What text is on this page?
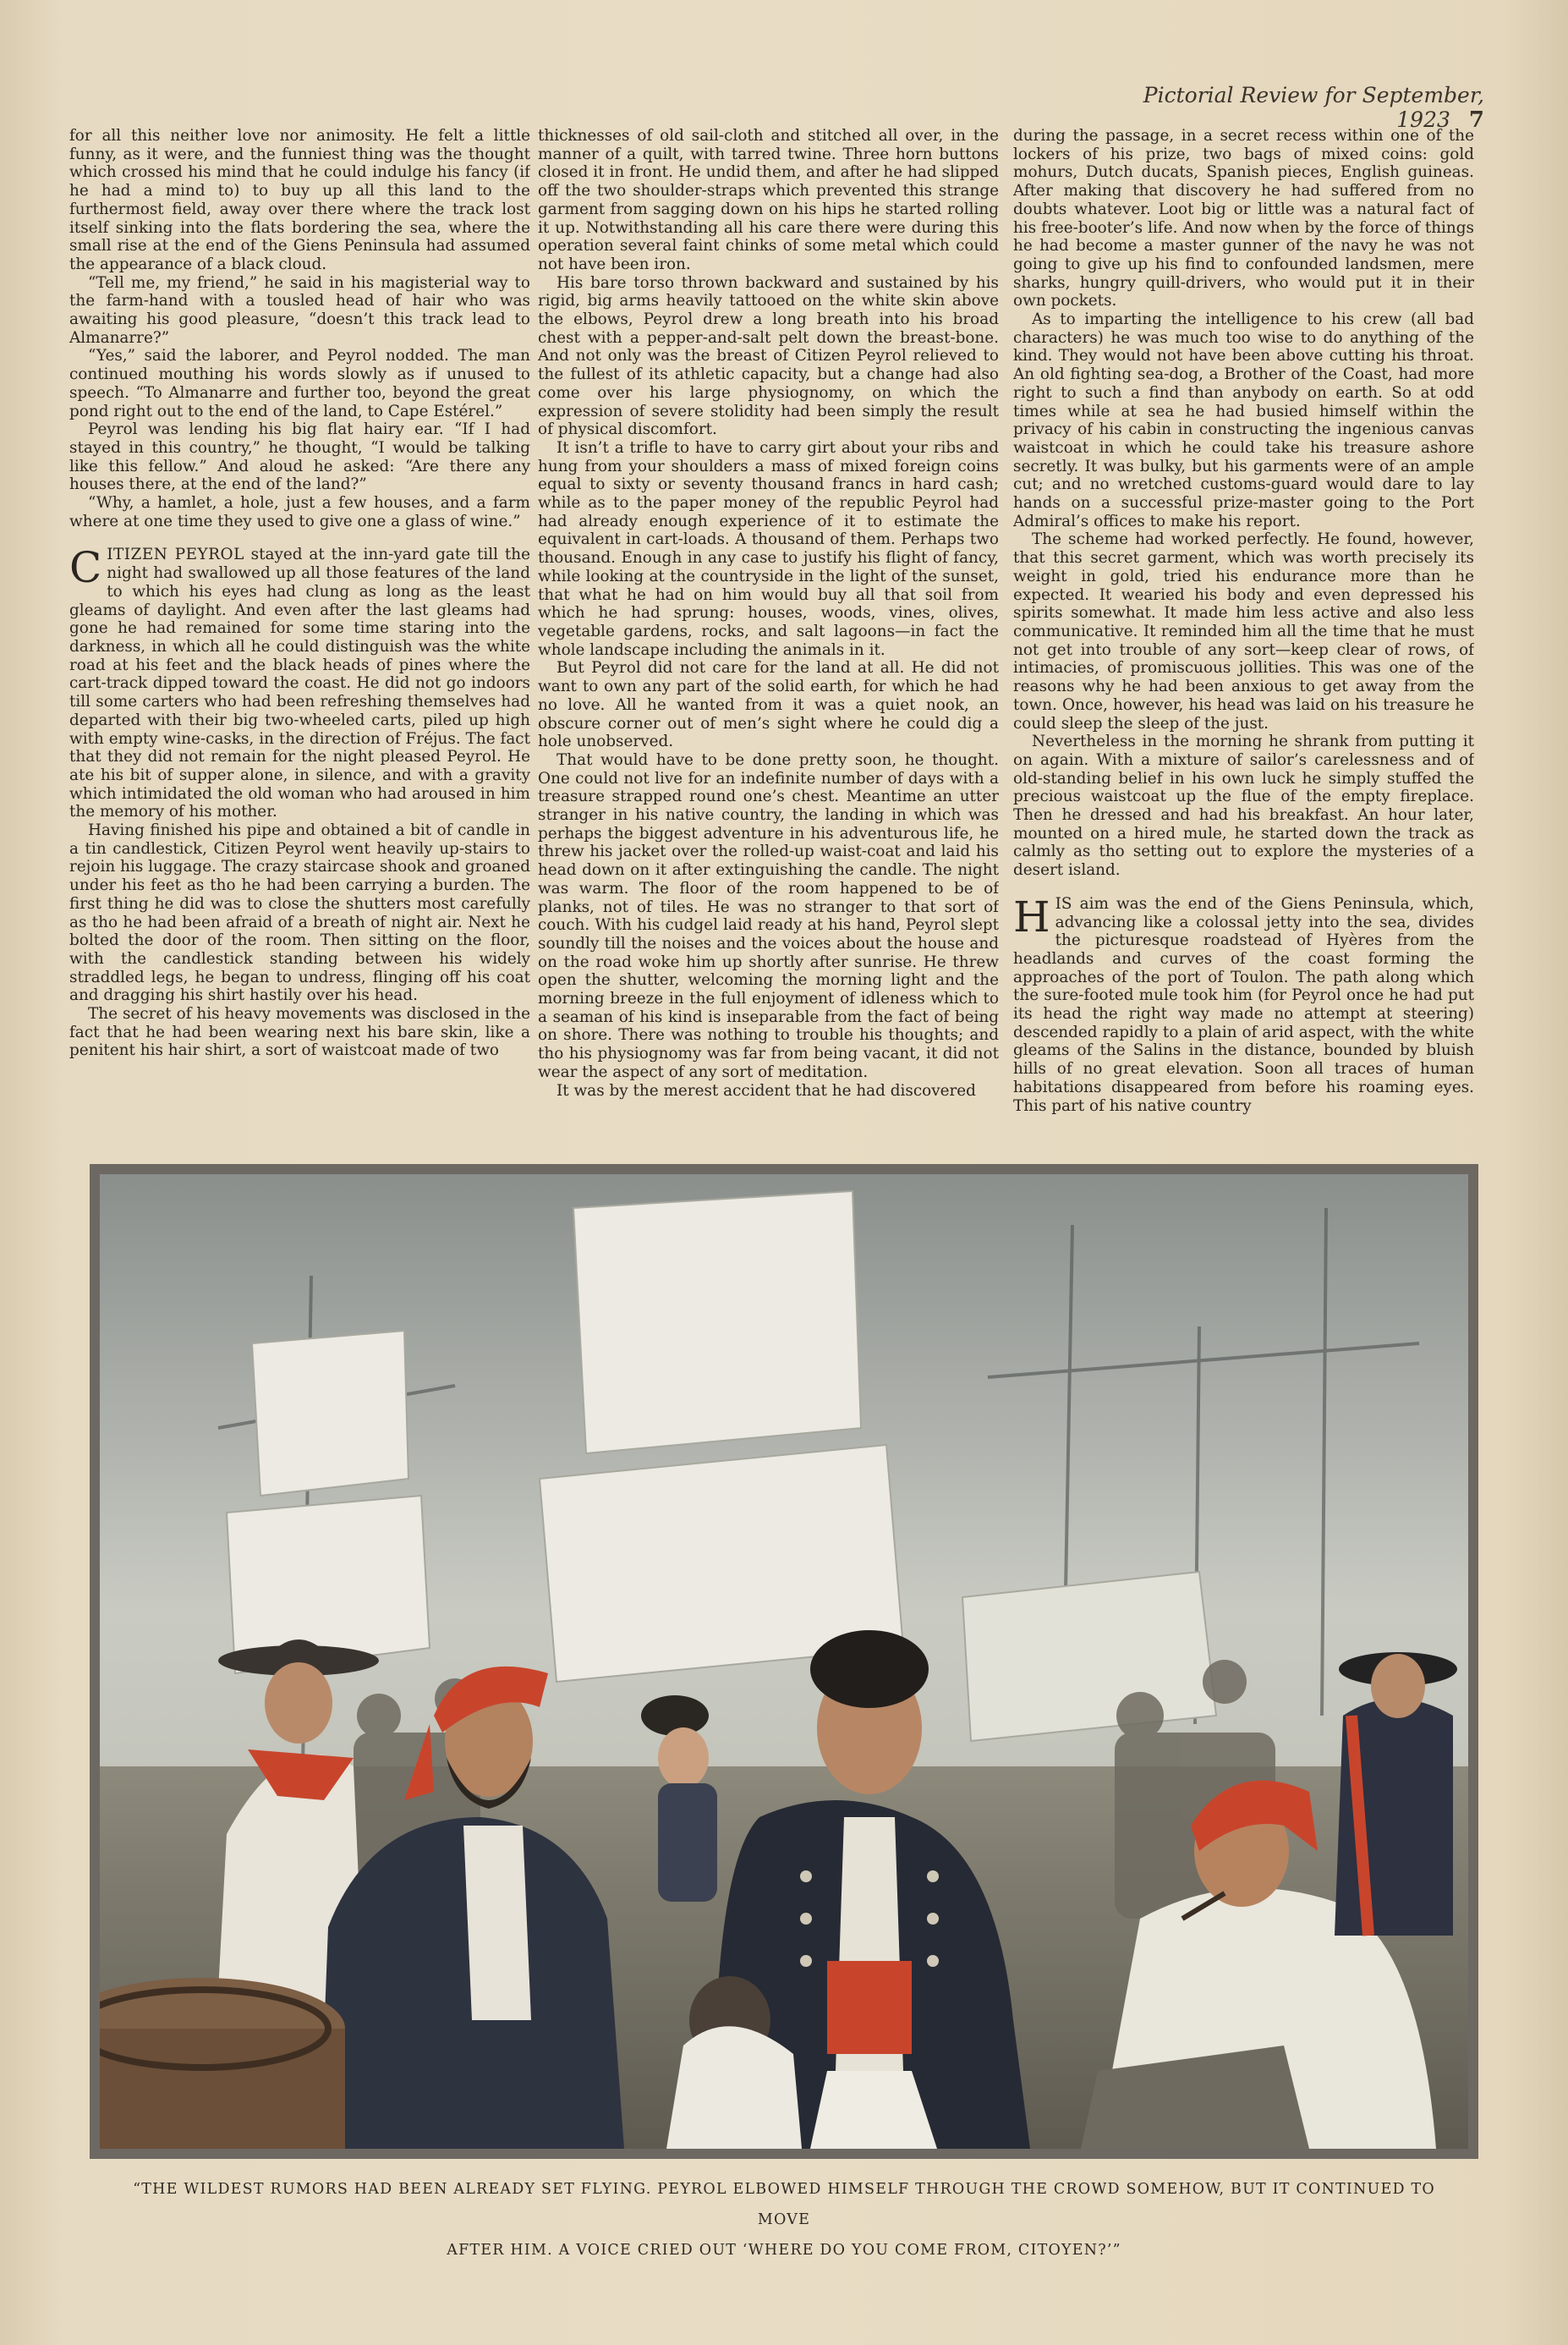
Pictorial Review for September, 1923 7

for all this neither love nor animosity. He felt a little funny, as it were, and the funniest thing was the thought which crossed his mind that he could indulge his fancy (if he had a mind to) to buy up all this land to the furthermost field, away over there where the track lost itself sinking into the flats bordering the sea, where the small rise at the end of the Giens Peninsula had assumed the appearance of a black cloud.

“Tell me, my friend,” he said in his magisterial way to the farm-hand with a tousled head of hair who was awaiting his good pleasure, “doesn’t this track lead to Almanarre?”

“Yes,” said the laborer, and Peyrol nodded. The man continued mouthing his words slowly as if unused to speech. “To Almanarre and further too, beyond the great pond right out to the end of the land, to Cape Estérel.”

Peyrol was lending his big flat hairy ear. “If I had stayed in this country,” he thought, “I would be talking like this fellow.” And aloud he asked: “Are there any houses there, at the end of the land?”

“Why, a hamlet, a hole, just a few houses, and a farm where at one time they used to give one a glass of wine.”

CITIZEN PEYROL stayed at the inn-yard gate till the night had swallowed up all those features of the land to which his eyes had clung as long as the least gleams of daylight. And even after the last gleams had gone he had remained for some time staring into the darkness, in which all he could distinguish was the white road at his feet and the black heads of pines where the cart-track dipped toward the coast. He did not go indoors till some carters who had been refreshing themselves had departed with their big two-wheeled carts, piled up high with empty wine-casks, in the direction of Fréjus. The fact that they did not remain for the night pleased Peyrol. He ate his bit of supper alone, in silence, and with a gravity which intimidated the old woman who had aroused in him the memory of his mother.

Having finished his pipe and obtained a bit of candle in a tin candlestick, Citizen Peyrol went heavily up-stairs to rejoin his luggage. The crazy staircase shook and groaned under his feet as tho he had been carrying a burden. The first thing he did was to close the shutters most carefully as tho he had been afraid of a breath of night air. Next he bolted the door of the room. Then sitting on the floor, with the candlestick standing between his widely straddled legs, he began to undress, flinging off his coat and dragging his shirt hastily over his head.

The secret of his heavy movements was disclosed in the fact that he had been wearing next his bare skin, like a penitent his hair shirt, a sort of waistcoat made of two

thicknesses of old sail-cloth and stitched all over, in the manner of a quilt, with tarred twine. Three horn buttons closed it in front. He undid them, and after he had slipped off the two shoulder-straps which prevented this strange garment from sagging down on his hips he started rolling it up. Notwithstanding all his care there were during this operation several faint chinks of some metal which could not have been iron.

His bare torso thrown backward and sustained by his rigid, big arms heavily tattooed on the white skin above the elbows, Peyrol drew a long breath into his broad chest with a pepper-and-salt pelt down the breast-bone. And not only was the breast of Citizen Peyrol relieved to the fullest of its athletic capacity, but a change had also come over his large physiognomy, on which the expression of severe stolidity had been simply the result of physical discomfort.

It isn’t a trifle to have to carry girt about your ribs and hung from your shoulders a mass of mixed foreign coins equal to sixty or seventy thousand francs in hard cash; while as to the paper money of the republic Peyrol had had already enough experience of it to estimate the equivalent in cart-loads. A thousand of them. Perhaps two thousand. Enough in any case to justify his flight of fancy, while looking at the countryside in the light of the sunset, that what he had on him would buy all that soil from which he had sprung: houses, woods, vines, olives, vegetable gardens, rocks, and salt lagoons—in fact the whole landscape including the animals in it.

But Peyrol did not care for the land at all. He did not want to own any part of the solid earth, for which he had no love. All he wanted from it was a quiet nook, an obscure corner out of men’s sight where he could dig a hole unobserved.

That would have to be done pretty soon, he thought. One could not live for an indefinite number of days with a treasure strapped round one’s chest. Meantime an utter stranger in his native country, the landing in which was perhaps the biggest adventure in his adventurous life, he threw his jacket over the rolled-up waist-coat and laid his head down on it after extinguishing the candle. The night was warm. The floor of the room happened to be of planks, not of tiles. He was no stranger to that sort of couch. With his cudgel laid ready at his hand, Peyrol slept soundly till the noises and the voices about the house and on the road woke him up shortly after sunrise. He threw open the shutter, welcoming the morning light and the morning breeze in the full enjoyment of idleness which to a seaman of his kind is inseparable from the fact of being on shore. There was nothing to trouble his thoughts; and tho his physiognomy was far from being vacant, it did not wear the aspect of any sort of meditation.

It was by the merest accident that he had discovered

during the passage, in a secret recess within one of the lockers of his prize, two bags of mixed coins: gold mohurs, Dutch ducats, Spanish pieces, English guineas. After making that discovery he had suffered from no doubts whatever. Loot big or little was a natural fact of his free-booter’s life. And now when by the force of things he had become a master gunner of the navy he was not going to give up his find to confounded landsmen, mere sharks, hungry quill-drivers, who would put it in their own pockets.

As to imparting the intelligence to his crew (all bad characters) he was much too wise to do anything of the kind. They would not have been above cutting his throat. An old fighting sea-dog, a Brother of the Coast, had more right to such a find than anybody on earth. So at odd times while at sea he had busied himself within the privacy of his cabin in constructing the ingenious canvas waistcoat in which he could take his treasure ashore secretly. It was bulky, but his garments were of an ample cut; and no wretched customs-guard would dare to lay hands on a successful prize-master going to the Port Admiral’s offices to make his report.

The scheme had worked perfectly. He found, however, that this secret garment, which was worth precisely its weight in gold, tried his endurance more than he expected. It wearied his body and even depressed his spirits somewhat. It made him less active and also less communicative. It reminded him all the time that he must not get into trouble of any sort—keep clear of rows, of intimacies, of promiscuous jollities. This was one of the reasons why he had been anxious to get away from the town. Once, however, his head was laid on his treasure he could sleep the sleep of the just.

Nevertheless in the morning he shrank from putting it on again. With a mixture of sailor’s carelessness and of old-standing belief in his own luck he simply stuffed the precious waistcoat up the flue of the empty fireplace. Then he dressed and had his breakfast. An hour later, mounted on a hired mule, he started down the track as calmly as tho setting out to explore the mysteries of a desert island.

HIS aim was the end of the Giens Peninsula, which, advancing like a colossal jetty into the sea, divides the picturesque roadstead of Hyères from the headlands and curves of the coast forming the approaches of the port of Toulon. The path along which the sure-footed mule took him (for Peyrol once he had put its head the right way made no attempt at steering) descended rapidly to a plain of arid aspect, with the white gleams of the Salins in the distance, bounded by bluish hills of no great elevation. Soon all traces of human habitations disappeared from before his roaming eyes. This part of his native country

“THE WILDEST RUMORS HAD BEEN ALREADY SET FLYING. PEYROL ELBOWED HIMSELF THROUGH THE CROWD SOMEHOW, BUT IT CONTINUED TO MOVE
AFTER HIM. A VOICE CRIED OUT ‘WHERE DO YOU COME FROM, CITOYEN?’”
